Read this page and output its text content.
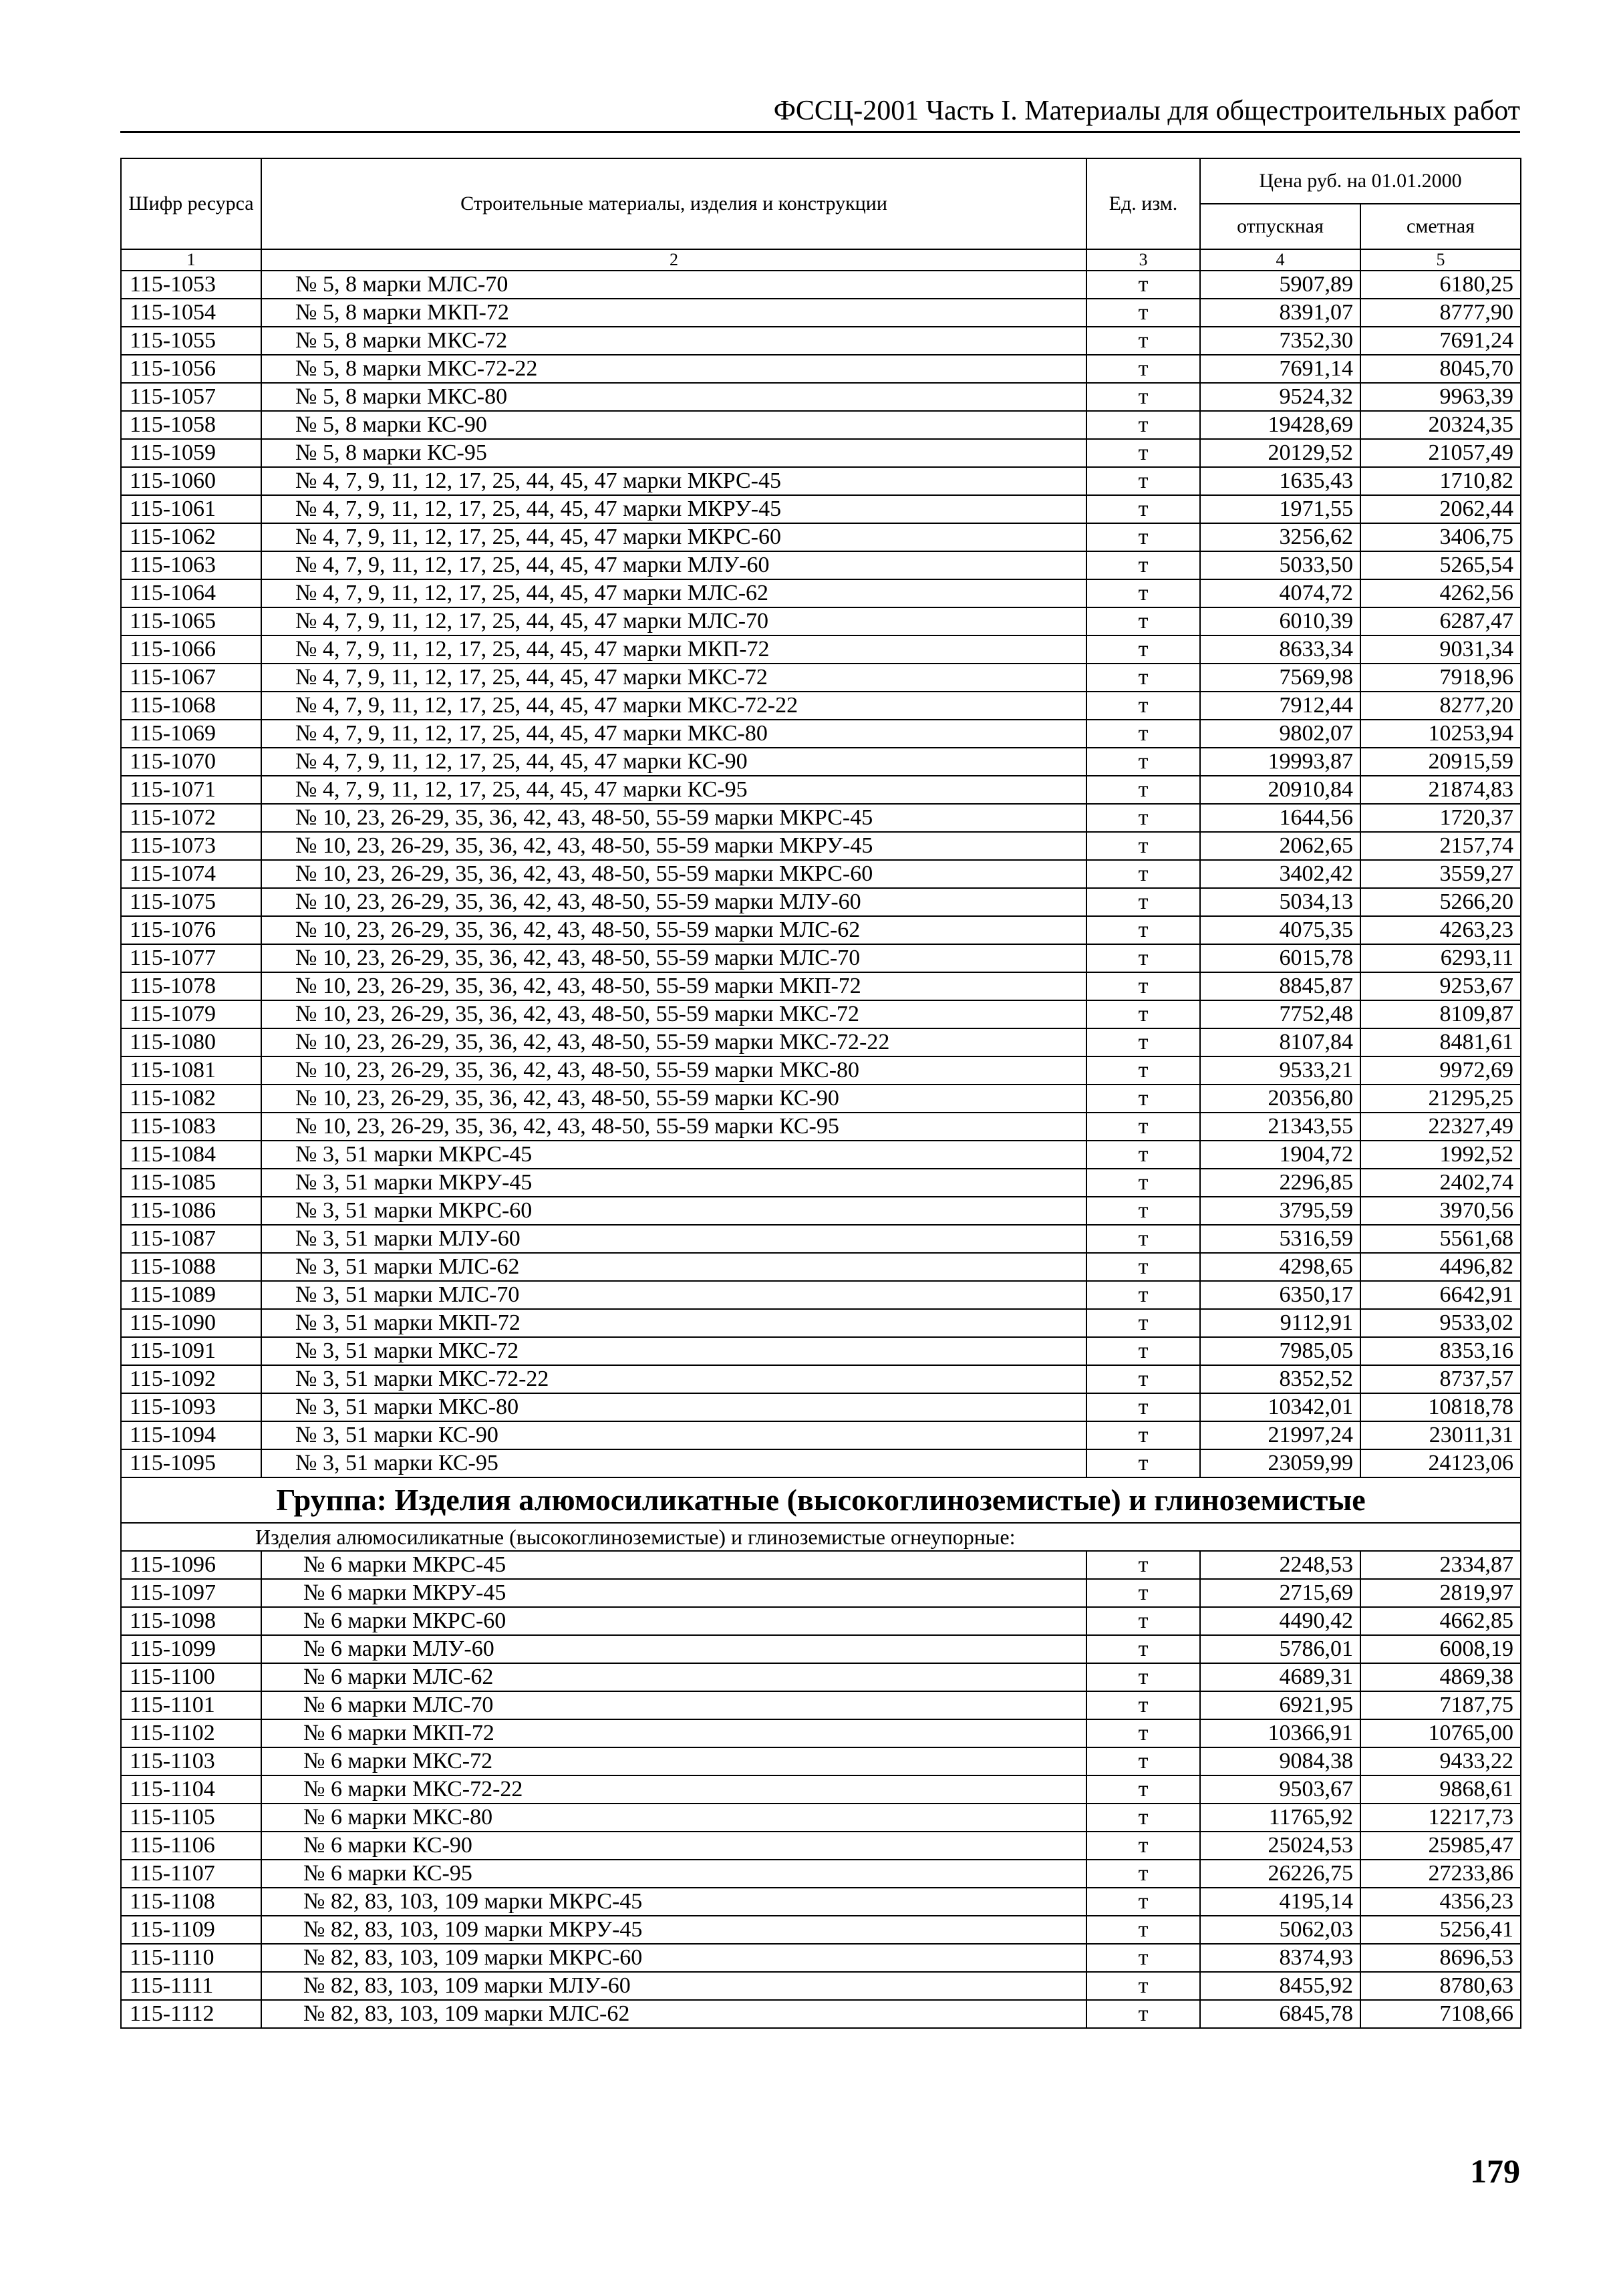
ФССЦ-2001 Часть I. Материалы для общестроительных работ
Шифр ресурса	Строительные материалы, изделия и конструкции	Ед. изм.	Цена руб. на 01.01.2000	
			отпускная	сметная
1	2	3	4	5
115-1053	№ 5, 8 марки МЛС-70	т	5907,89	6180,25
115-1054	№ 5, 8 марки МКП-72	т	8391,07	8777,90
115-1055	№ 5, 8 марки МКС-72	т	7352,30	7691,24
115-1056	№ 5, 8 марки МКС-72-22	т	7691,14	8045,70
115-1057	№ 5, 8 марки МКС-80	т	9524,32	9963,39
115-1058	№ 5, 8 марки КС-90	т	19428,69	20324,35
115-1059	№ 5, 8 марки КС-95	т	20129,52	21057,49
115-1060	№ 4, 7, 9, 11, 12, 17, 25, 44, 45, 47 марки МКРС-45	т	1635,43	1710,82
115-1061	№ 4, 7, 9, 11, 12, 17, 25, 44, 45, 47 марки МКРУ-45	т	1971,55	2062,44
115-1062	№ 4, 7, 9, 11, 12, 17, 25, 44, 45, 47 марки МКРС-60	т	3256,62	3406,75
115-1063	№ 4, 7, 9, 11, 12, 17, 25, 44, 45, 47 марки МЛУ-60	т	5033,50	5265,54
115-1064	№ 4, 7, 9, 11, 12, 17, 25, 44, 45, 47 марки МЛС-62	т	4074,72	4262,56
115-1065	№ 4, 7, 9, 11, 12, 17, 25, 44, 45, 47 марки МЛС-70	т	6010,39	6287,47
115-1066	№ 4, 7, 9, 11, 12, 17, 25, 44, 45, 47 марки МКП-72	т	8633,34	9031,34
115-1067	№ 4, 7, 9, 11, 12, 17, 25, 44, 45, 47 марки МКС-72	т	7569,98	7918,96
115-1068	№ 4, 7, 9, 11, 12, 17, 25, 44, 45, 47 марки МКС-72-22	т	7912,44	8277,20
115-1069	№ 4, 7, 9, 11, 12, 17, 25, 44, 45, 47 марки МКС-80	т	9802,07	10253,94
115-1070	№ 4, 7, 9, 11, 12, 17, 25, 44, 45, 47 марки КС-90	т	19993,87	20915,59
115-1071	№ 4, 7, 9, 11, 12, 17, 25, 44, 45, 47 марки КС-95	т	20910,84	21874,83
115-1072	№ 10, 23, 26-29, 35, 36, 42, 43, 48-50, 55-59 марки МКРС-45	т	1644,56	1720,37
115-1073	№ 10, 23, 26-29, 35, 36, 42, 43, 48-50, 55-59 марки МКРУ-45	т	2062,65	2157,74
115-1074	№ 10, 23, 26-29, 35, 36, 42, 43, 48-50, 55-59 марки МКРС-60	т	3402,42	3559,27
115-1075	№ 10, 23, 26-29, 35, 36, 42, 43, 48-50, 55-59 марки МЛУ-60	т	5034,13	5266,20
115-1076	№ 10, 23, 26-29, 35, 36, 42, 43, 48-50, 55-59 марки МЛС-62	т	4075,35	4263,23
115-1077	№ 10, 23, 26-29, 35, 36, 42, 43, 48-50, 55-59 марки МЛС-70	т	6015,78	6293,11
115-1078	№ 10, 23, 26-29, 35, 36, 42, 43, 48-50, 55-59 марки МКП-72	т	8845,87	9253,67
115-1079	№ 10, 23, 26-29, 35, 36, 42, 43, 48-50, 55-59 марки МКС-72	т	7752,48	8109,87
115-1080	№ 10, 23, 26-29, 35, 36, 42, 43, 48-50, 55-59 марки МКС-72-22	т	8107,84	8481,61
115-1081	№ 10, 23, 26-29, 35, 36, 42, 43, 48-50, 55-59 марки МКС-80	т	9533,21	9972,69
115-1082	№ 10, 23, 26-29, 35, 36, 42, 43, 48-50, 55-59 марки КС-90	т	20356,80	21295,25
115-1083	№ 10, 23, 26-29, 35, 36, 42, 43, 48-50, 55-59 марки КС-95	т	21343,55	22327,49
115-1084	№ 3, 51 марки МКРС-45	т	1904,72	1992,52
115-1085	№ 3, 51 марки МКРУ-45	т	2296,85	2402,74
115-1086	№ 3, 51 марки МКРС-60	т	3795,59	3970,56
115-1087	№ 3, 51 марки МЛУ-60	т	5316,59	5561,68
115-1088	№ 3, 51 марки МЛС-62	т	4298,65	4496,82
115-1089	№ 3, 51 марки МЛС-70	т	6350,17	6642,91
115-1090	№ 3, 51 марки МКП-72	т	9112,91	9533,02
115-1091	№ 3, 51 марки МКС-72	т	7985,05	8353,16
115-1092	№ 3, 51 марки МКС-72-22	т	8352,52	8737,57
115-1093	№ 3, 51 марки МКС-80	т	10342,01	10818,78
115-1094	№ 3, 51 марки КС-90	т	21997,24	23011,31
115-1095	№ 3, 51 марки КС-95	т	23059,99	24123,06
Группа: Изделия алюмосиликатные (высокоглиноземистые) и глиноземистые				
Изделия алюмосиликатные (высокоглиноземистые) и глиноземистые огнеупорные:				
115-1096	№ 6 марки МКРС-45	т	2248,53	2334,87
115-1097	№ 6 марки МКРУ-45	т	2715,69	2819,97
115-1098	№ 6 марки МКРС-60	т	4490,42	4662,85
115-1099	№ 6 марки МЛУ-60	т	5786,01	6008,19
115-1100	№ 6 марки МЛС-62	т	4689,31	4869,38
115-1101	№ 6 марки МЛС-70	т	6921,95	7187,75
115-1102	№ 6 марки МКП-72	т	10366,91	10765,00
115-1103	№ 6 марки МКС-72	т	9084,38	9433,22
115-1104	№ 6 марки МКС-72-22	т	9503,67	9868,61
115-1105	№ 6 марки МКС-80	т	11765,92	12217,73
115-1106	№ 6 марки КС-90	т	25024,53	25985,47
115-1107	№ 6 марки КС-95	т	26226,75	27233,86
115-1108	№ 82, 83, 103, 109 марки МКРС-45	т	4195,14	4356,23
115-1109	№ 82, 83, 103, 109 марки МКРУ-45	т	5062,03	5256,41
115-1110	№ 82, 83, 103, 109 марки МКРС-60	т	8374,93	8696,53
115-1111	№ 82, 83, 103, 109 марки МЛУ-60	т	8455,92	8780,63
115-1112	№ 82, 83, 103, 109 марки МЛС-62	т	6845,78	7108,66
179
